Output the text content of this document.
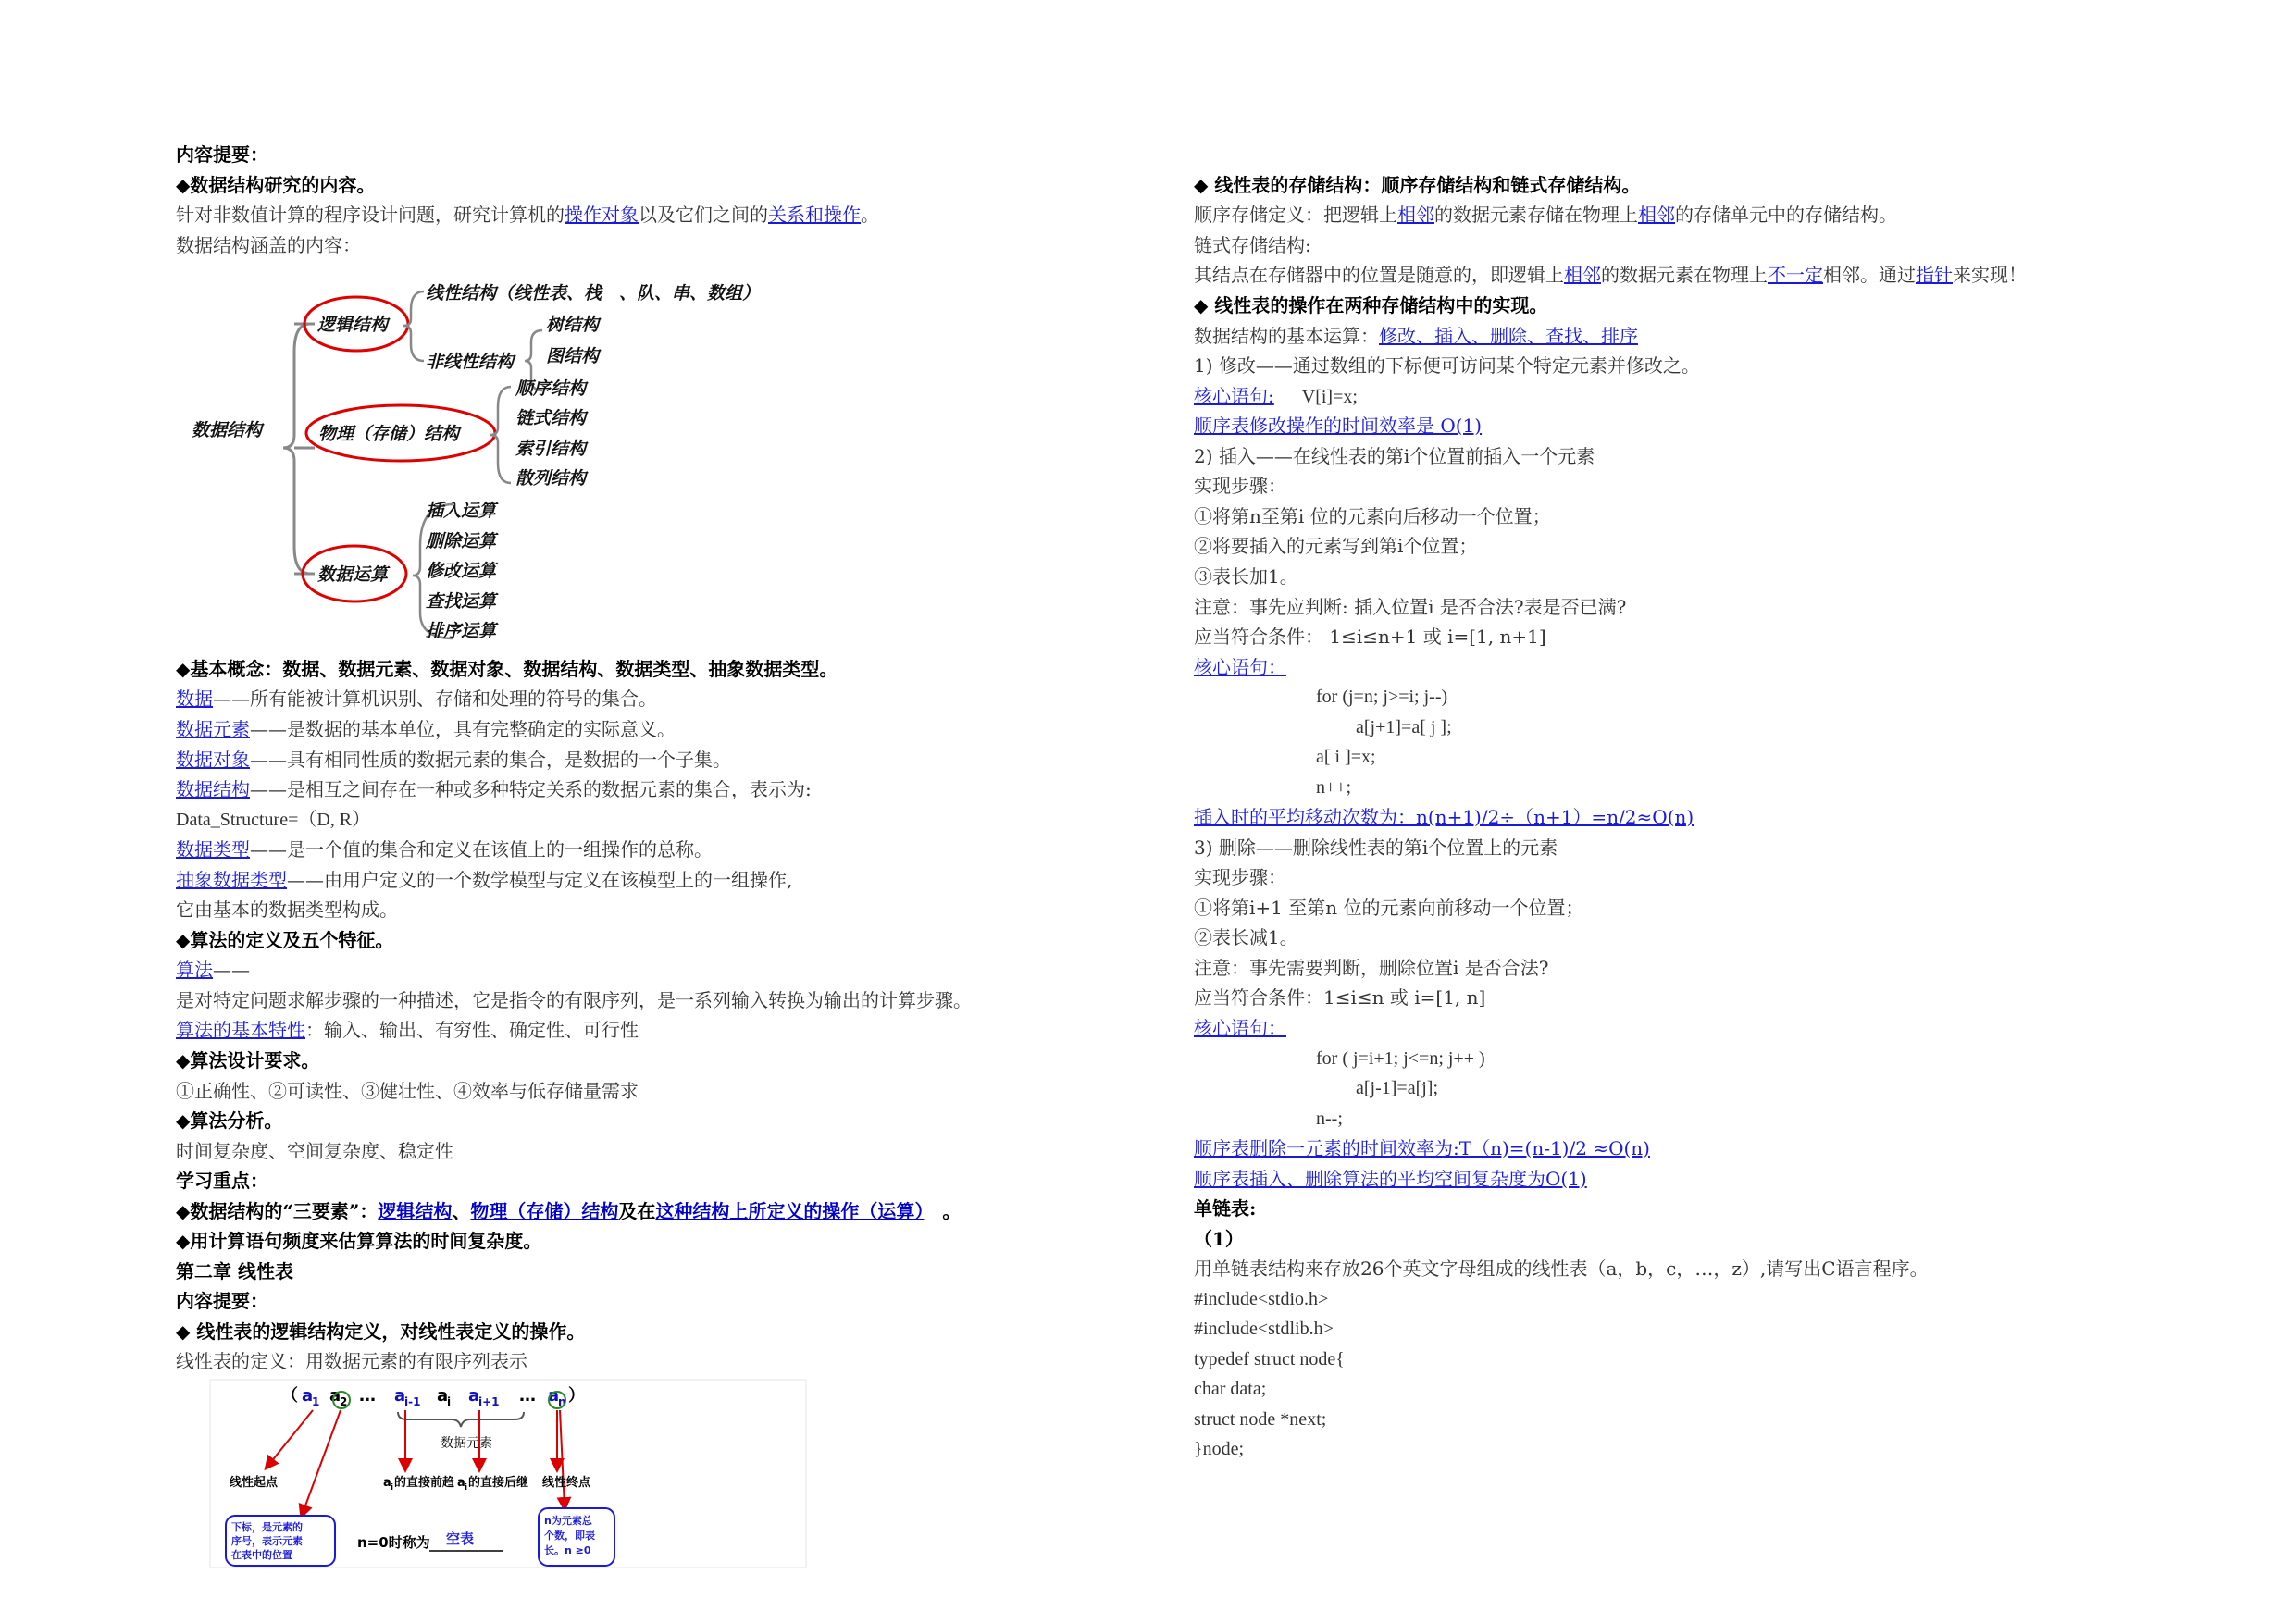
内容提要：
◆数据结构研究的内容。
针对非数值计算的程序设计问题，研究计算机的操作对象以及它们之间的关系和操作。
数据结构涵盖的内容：
数据结构
逻辑结构
线性结构（线性表、栈　、队、串、数组）
非线性结构
树结构
图结构
物理（存储）结构
顺序结构
链式结构
索引结构
散列结构
数据运算
插入运算
删除运算
修改运算
查找运算
排序运算
◆基本概念：数据、数据元素、数据对象、数据结构、数据类型、抽象数据类型。
数据——所有能被计算机识别、存储和处理的符号的集合。
数据元素——是数据的基本单位，具有完整确定的实际意义。
数据对象——具有相同性质的数据元素的集合，是数据的一个子集。
数据结构——是相互之间存在一种或多种特定关系的数据元素的集合，表示为:
Data_Structure=（D, R）
数据类型——是一个值的集合和定义在该值上的一组操作的总称。
抽象数据类型——由用户定义的一个数学模型与定义在该模型上的一组操作,
它由基本的数据类型构成。
◆算法的定义及五个特征。
算法——
是对特定问题求解步骤的一种描述，它是指令的有限序列，是一系列输入转换为输出的计算步骤。
算法的基本特性：输入、输出、有穷性、确定性、可行性
◆算法设计要求。
①正确性、②可读性、③健壮性、④效率与低存储量需求
◆算法分析。
时间复杂度、空间复杂度、稳定性
学习重点：
◆数据结构的“三要素”：逻辑结构、物理（存储）结构及在这种结构上所定义的操作（运算）　。
◆用计算语句频度来估算算法的时间复杂度。
第二章 线性表
内容提要：
◆ 线性表的逻辑结构定义，对线性表定义的操作。
线性表的定义：用数据元素的有限序列表示
（ a
1 a
2 … a
i-1 a
i a
i+1 … a
n ）
数据元素
线性起点	a i 的直接前趋 a i 的直接后继 线性终点
下标，是元素的
序号，表示元素
在表中的位置
n为元素总
个数，即表
长。n ≥0
n=0时称为 空表
◆ 线性表的存储结构：顺序存储结构和链式存储结构。
顺序存储定义：把逻辑上相邻的数据元素存储在物理上相邻的存储单元中的存储结构。
链式存储结构:
其结点在存储器中的位置是随意的，即逻辑上相邻的数据元素在物理上不一定相邻。通过指针来实现！
◆ 线性表的操作在两种存储结构中的实现。
数据结构的基本运算：修改、插入、删除、查找、排序
1) 修改——通过数组的下标便可访问某个特定元素并修改之。
核心语句: V[i]=x;
顺序表修改操作的时间效率是 O(1)
2) 插入——在线性表的第i个位置前插入一个元素
实现步骤：
①将第n至第i 位的元素向后移动一个位置；
②将要插入的元素写到第i个位置；
③表长加1。
注意：事先应判断: 插入位置i 是否合法?表是否已满?
应当符合条件： 1≤i≤n+1 或 i=[1, n+1]
核心语句：
for (j=n; j>=i; j--)
a[j+1]=a[ j ];
a[ i ]=x;
n++;
插入时的平均移动次数为：n(n+1)/2÷（n+1）=n/2≈O(n)
3) 删除——删除线性表的第i个位置上的元素
实现步骤：
①将第i+1 至第n 位的元素向前移动一个位置；
②表长减1。
注意：事先需要判断，删除位置i 是否合法?
应当符合条件：1≤i≤n 或 i=[1, n]
核心语句：
for ( j=i+1; j<=n; j++ )
a[j-1]=a[j];
n--;
顺序表删除一元素的时间效率为:T（n)=(n-1)/2 ≈O(n)
顺序表插入、删除算法的平均空间复杂度为O(1)
单链表:
（1）
用单链表结构来存放26个英文字母组成的线性表（a，b，c，…，z）,请写出C语言程序。
#include<stdio.h>
#include<stdlib.h>
typedef struct node{
char data;
struct node *next;
}node;
